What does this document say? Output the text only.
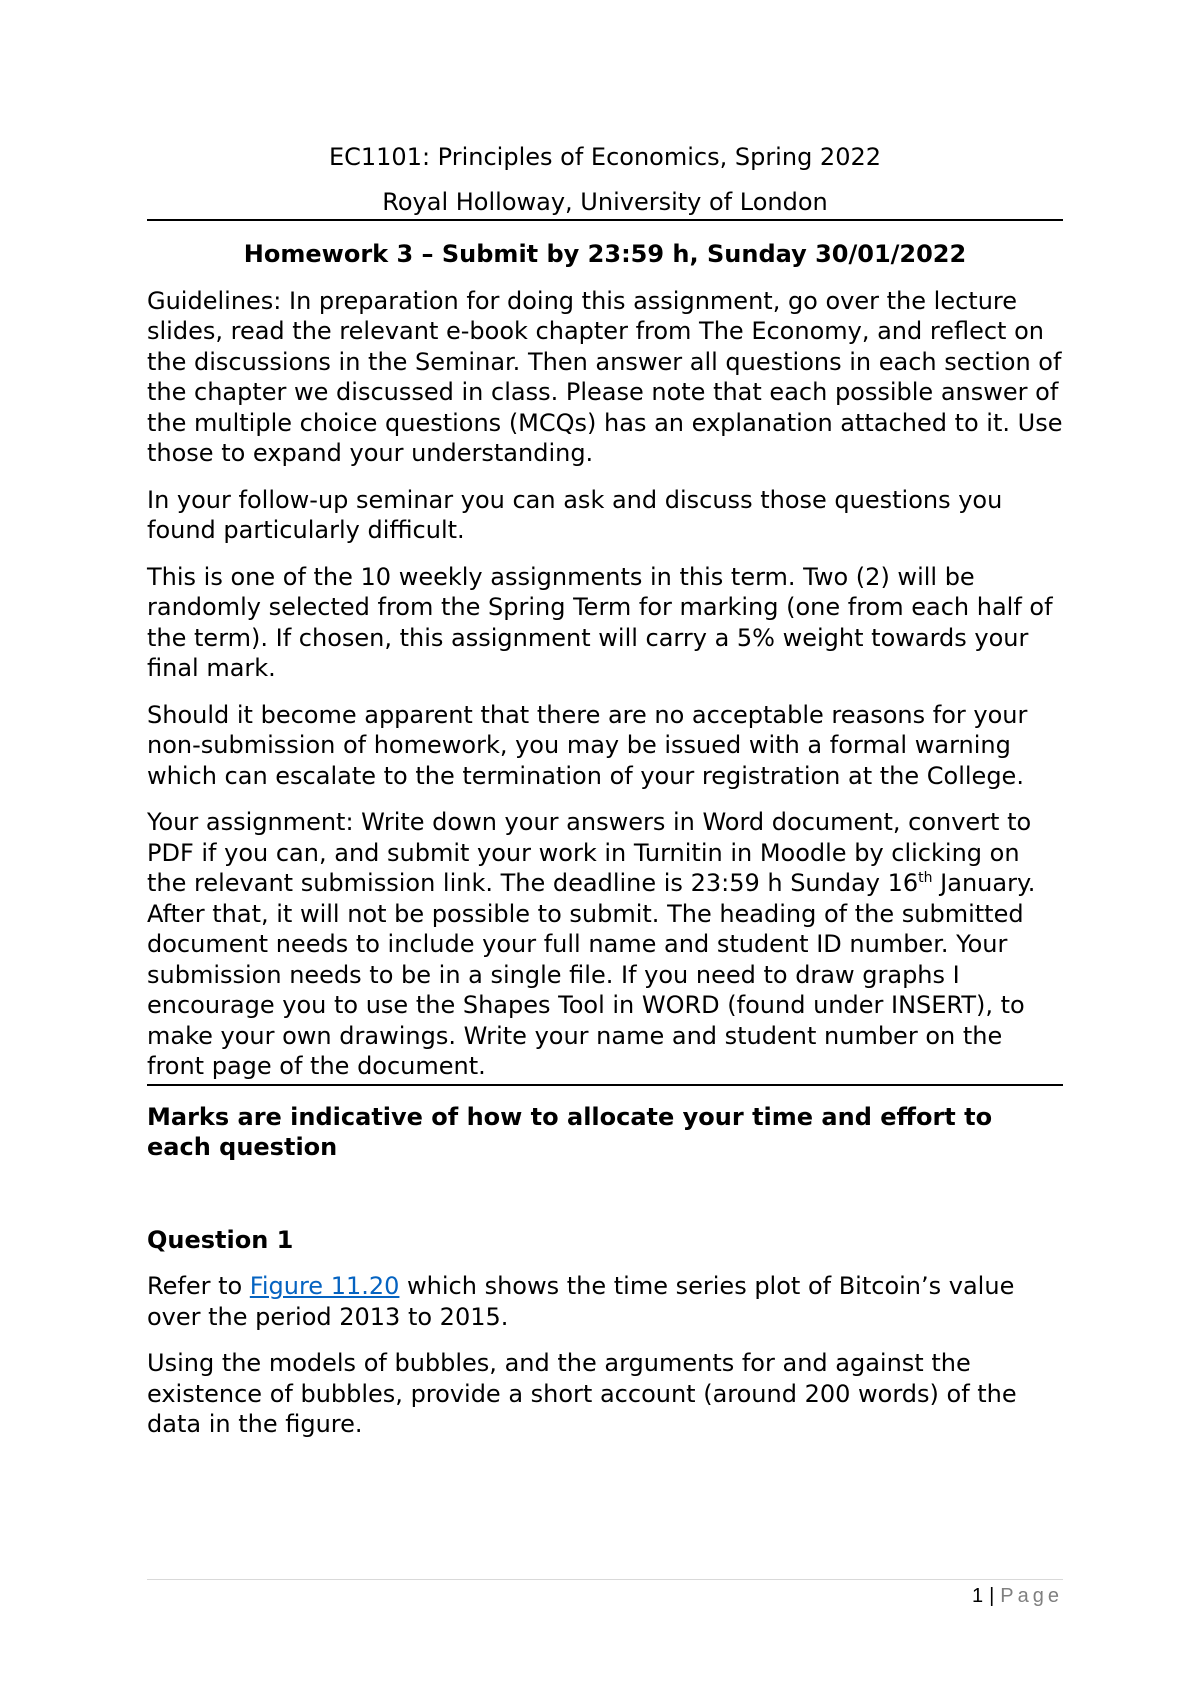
EC1101: Principles of Economics, Spring 2022

Royal Holloway, University of London

Homework 3 – Submit by 23:59 h, Sunday 30/01/2022

Guidelines: In preparation for doing this assignment, go over the lecture slides, read the relevant e-book chapter from The Economy, and reflect on the discussions in the Seminar. Then answer all questions in each section of the chapter we discussed in class. Please note that each possible answer of the multiple choice questions (MCQs) has an explanation attached to it. Use those to expand your understanding.

In your follow-up seminar you can ask and discuss those questions you found particularly difficult.

This is one of the 10 weekly assignments in this term. Two (2) will be randomly selected from the Spring Term for marking (one from each half of the term). If chosen, this assignment will carry a 5% weight towards your final mark.

Should it become apparent that there are no acceptable reasons for your non-submission of homework, you may be issued with a formal warning which can escalate to the termination of your registration at the College.

Your assignment: Write down your answers in Word document, convert to PDF if you can, and submit your work in Turnitin in Moodle by clicking on the relevant submission link. The deadline is 23:59 h Sunday 16th January. After that, it will not be possible to submit. The heading of the submitted document needs to include your full name and student ID number. Your submission needs to be in a single file. If you need to draw graphs I encourage you to use the Shapes Tool in WORD (found under INSERT), to make your own drawings. Write your name and student number on the front page of the document.

Marks are indicative of how to allocate your time and effort to each question

Question 1

Refer to Figure 11.20 which shows the time series plot of Bitcoin’s value over the period 2013 to 2015.

Using the models of bubbles, and the arguments for and against the existence of bubbles, provide a short account (around 200 words) of the data in the figure.

1 | Page
